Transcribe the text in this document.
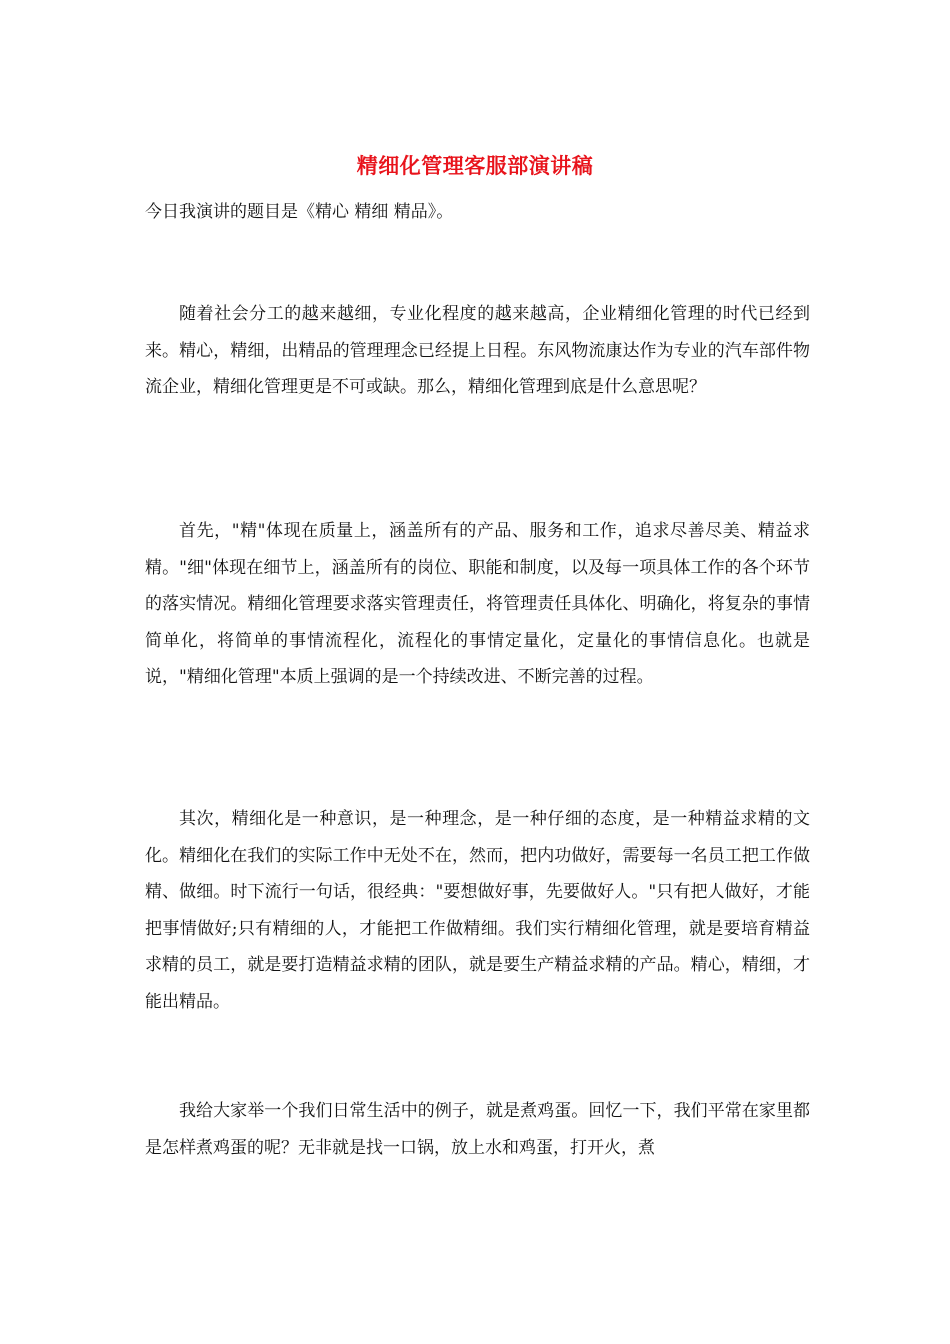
精细化管理客服部演讲稿
今日我演讲的题目是《精心 精细 精品》。

随着社会分工的越来越细，专业化程度的越来越高，企业精细化管理的时代已经到来。精心，精细，出精品的管理理念已经提上日程。东风物流康达作为专业的汽车部件物流企业，精细化管理更是不可或缺。那么，精细化管理到底是什么意思呢？

首先，"精"体现在质量上，涵盖所有的产品、服务和工作，追求尽善尽美、精益求精。"细"体现在细节上，涵盖所有的岗位、职能和制度，以及每一项具体工作的各个环节的落实情况。精细化管理要求落实管理责任，将管理责任具体化、明确化，将复杂的事情简单化，将简单的事情流程化，流程化的事情定量化，定量化的事情信息化。也就是说，"精细化管理"本质上强调的是一个持续改进、不断完善的过程。

其次，精细化是一种意识，是一种理念，是一种仔细的态度，是一种精益求精的文化。精细化在我们的实际工作中无处不在，然而，把内功做好，需要每一名员工把工作做精、做细。时下流行一句话，很经典："要想做好事，先要做好人。"只有把人做好，才能把事情做好;只有精细的人，才能把工作做精细。我们实行精细化管理，就是要培育精益求精的员工，就是要打造精益求精的团队，就是要生产精益求精的产品。精心，精细，才能出精品。

我给大家举一个我们日常生活中的例子，就是煮鸡蛋。回忆一下，我们平常在家里都是怎样煮鸡蛋的呢？无非就是找一口锅，放上水和鸡蛋，打开火，煮
